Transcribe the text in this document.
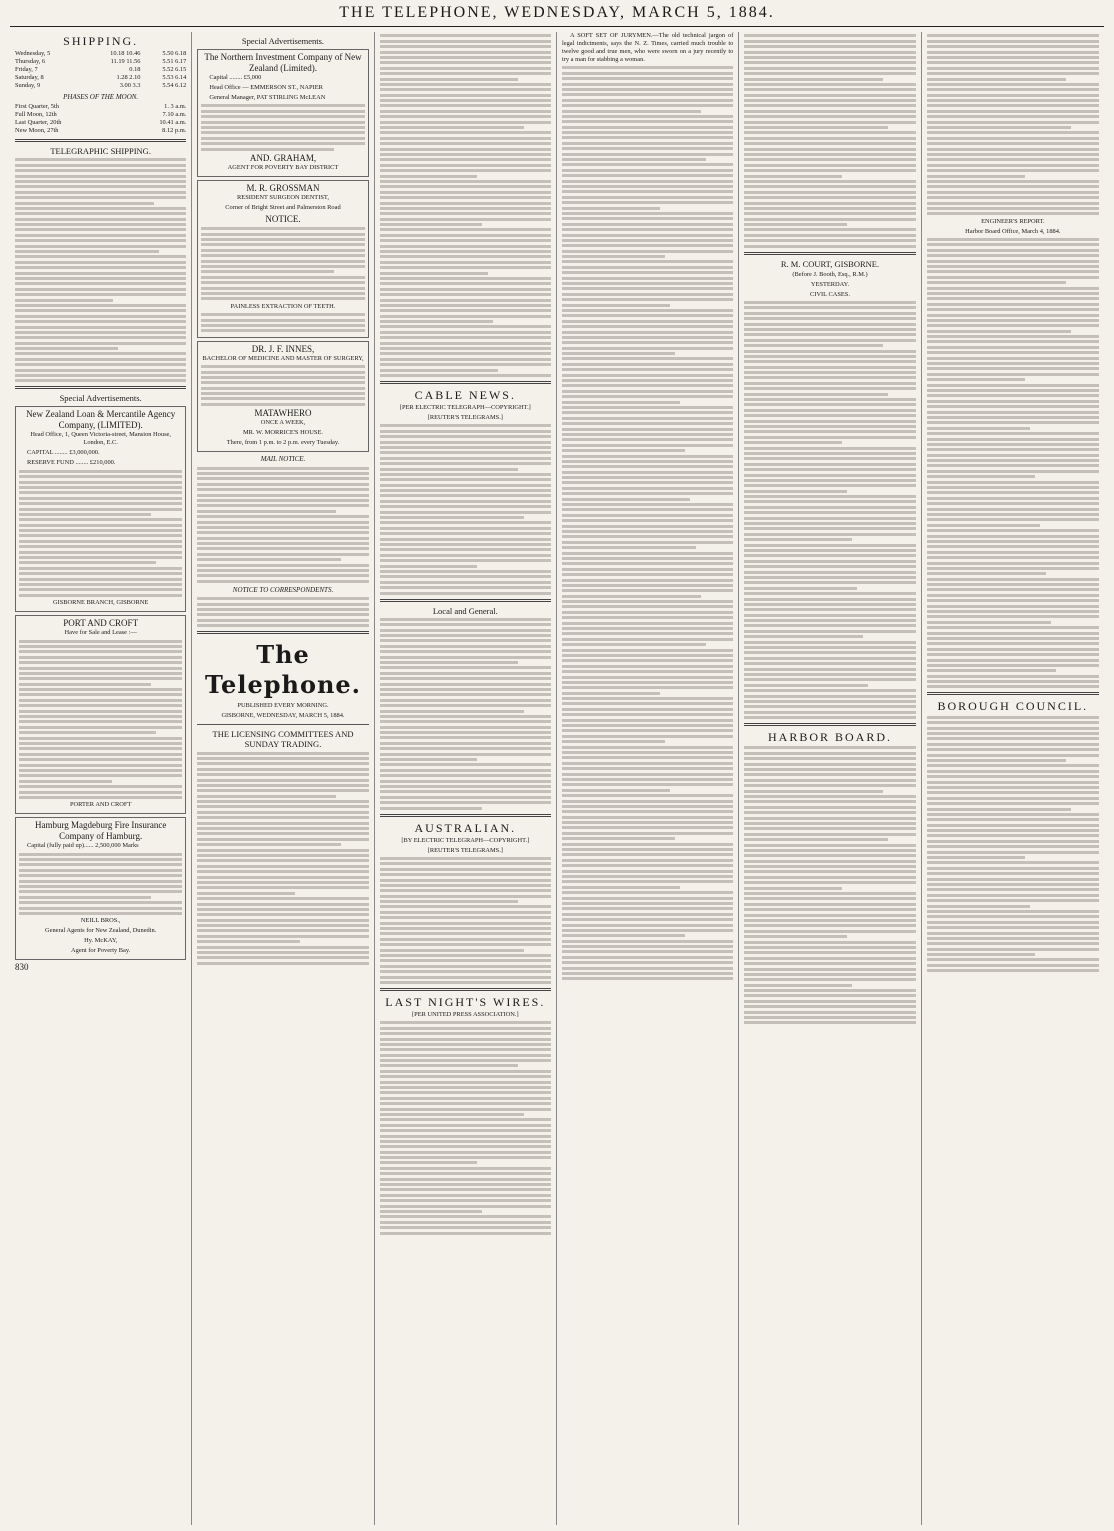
THE TELEPHONE, WEDNESDAY, MARCH 5, 1884.
SHIPPING.
Wednesday, 5	10.18 10.46	5.50 6.18
Thursday, 6	11.19 11.56	5.51 6.17
Friday, 7	0.18	5.52 6.15
Saturday, 8	1.28 2.10	5.53 6.14
Sunday, 9	3.00 3.3	5.54 6.12
PHASES OF THE MOON.
First Quarter, 5th	1. 3 a.m.
Full Moon, 12th	7.10 a.m.
Last Quarter, 20th	10.41 a.m.
New Moon, 27th	8.12 p.m.
TELEGRAPHIC SHIPPING.
Special Advertisements.
New Zealand Loan & Mercantile Agency Company, (LIMITED).

Head Office, 1, Queen Victoria-street, Mansion House, London, E.C.

CAPITAL ........ £3,000,000.

RESERVE FUND ........ £210,000.

GISBORNE BRANCH, GISBORNE

PORT AND CROFT

Have for Sale and Lease :—

PORTER AND CROFT

Hamburg Magdeburg Fire Insurance Company of Hamburg.

Capital (fully paid up)...... 2,500,000 Marks

NEILL BROS.,

General Agents for New Zealand, Dunedin.

Hy. McKAY,

Agent for Poverty Bay.

830
Special Advertisements.
The Northern Investment Company of New Zealand (Limited).

Capital ........ £5,000

Head Office — EMMERSON ST., NAPIER

General Manager, PAT STIRLING McLEAN

AND. GRAHAM,

AGENT FOR POVERTY BAY DISTRICT

M. R. GROSSMAN

RESIDENT SURGEON DENTIST,

Corner of Bright Street and Palmerston Road

NOTICE.

PAINLESS EXTRACTION OF TEETH.

DR. J. F. INNES,

BACHELOR OF MEDICINE AND MASTER OF SURGERY,

MATAWHERO

ONCE A WEEK,

MR. W. MORRICE'S HOUSE.

There, from 1 p.m. to 2 p.m. every Tuesday.

MAIL NOTICE.
NOTICE TO CORRESPONDENTS.
The Telephone.

PUBLISHED EVERY MORNING.

GISBORNE, WEDNESDAY, MARCH 5, 1884.

THE LICENSING COMMITTEES AND SUNDAY TRADING.
CABLE NEWS.

[PER ELECTRIC TELEGRAPH—COPYRIGHT.]

[REUTER'S TELEGRAMS.]

Local and General.
AUSTRALIAN.

[BY ELECTRIC TELEGRAPH—COPYRIGHT.]

[REUTER'S TELEGRAMS.]

LAST NIGHT'S WIRES.

[PER UNITED PRESS ASSOCIATION.]

A SOFT SET OF JURYMEN.—The old technical jargon of legal indictments, says the N. Z. Times, carried much trouble to twelve good and true men, who were sworn on a jury recently to try a man for stabbing a woman.

R. M. COURT, GISBORNE.

(Before J. Booth, Esq., R.M.)

YESTERDAY.

CIVIL CASES.

HARBOR BOARD.

ENGINEER'S REPORT.

Harbor Board Office, March 4, 1884.

BOROUGH COUNCIL.
